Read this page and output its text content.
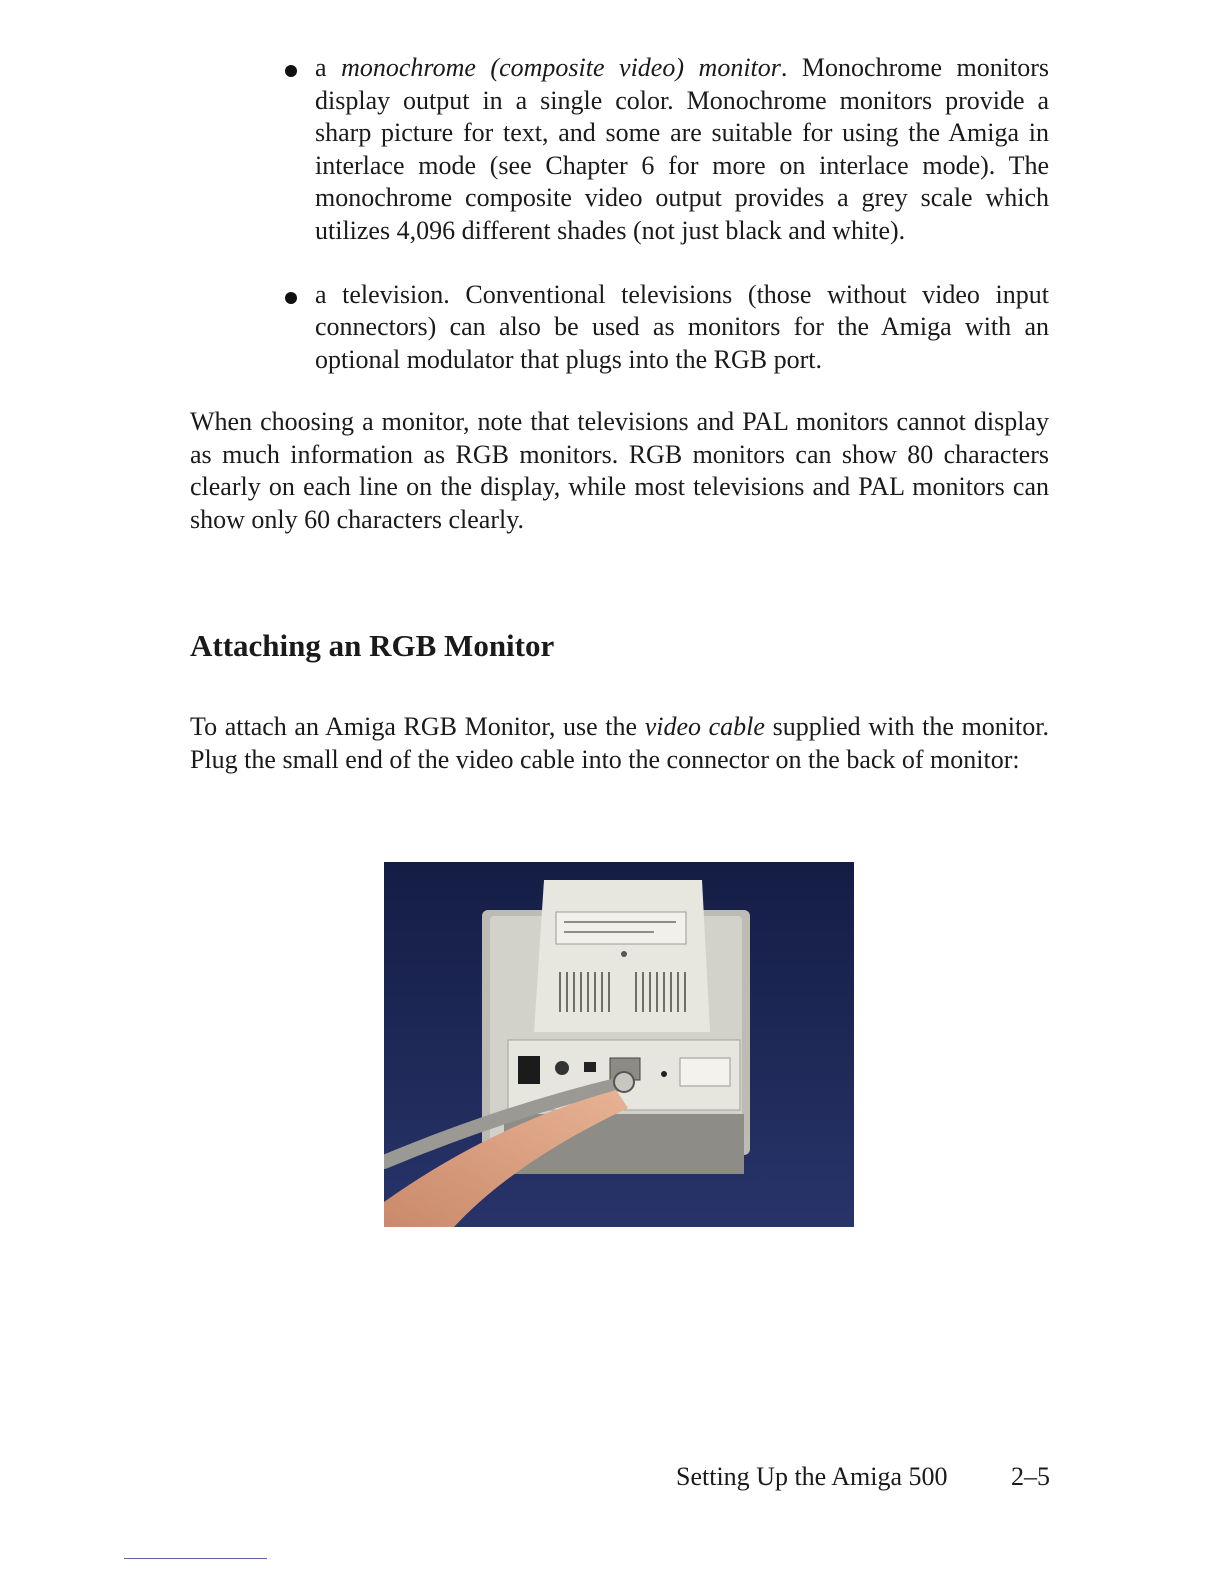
a monochrome (composite video) monitor. Monochrome monitors display output in a single color. Monochrome monitors provide a sharp picture for text, and some are suitable for using the Amiga in interlace mode (see Chapter 6 for more on interlace mode). The monochrome composite video output provides a grey scale which utilizes 4,096 different shades (not just black and white).
a television. Conventional televisions (those without video input connectors) can also be used as monitors for the Amiga with an optional modulator that plugs into the RGB port.

When choosing a monitor, note that televisions and PAL monitors cannot display as much information as RGB monitors. RGB monitors can show 80 characters clearly on each line on the display, while most televisions and PAL monitors can show only 60 characters clearly.

Attaching an RGB Monitor

To attach an Amiga RGB Monitor, use the video cable supplied with the monitor. Plug the small end of the video cable into the connector on the back of monitor:

Setting Up the Amiga 500 2–5
